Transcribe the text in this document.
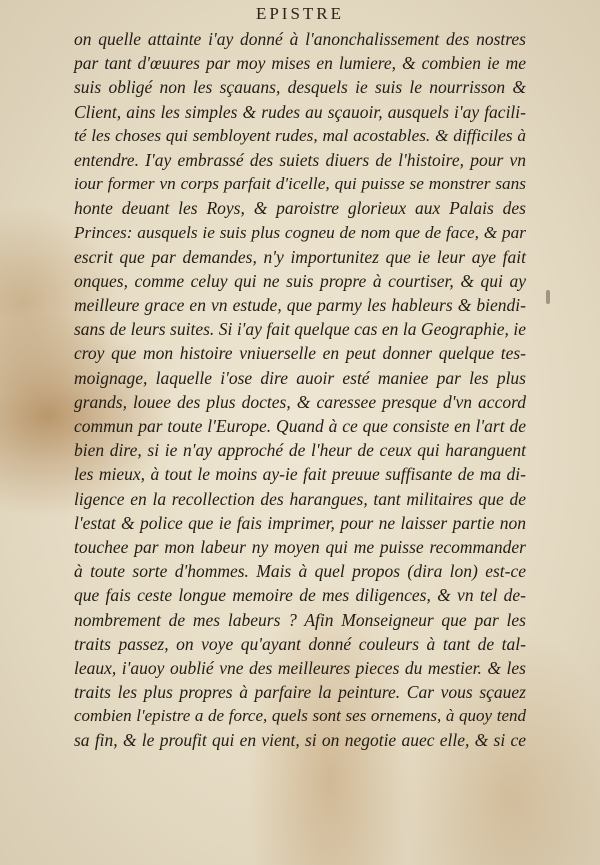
EPISTRE
on quelle attainte i'ay donné à l'anonchalissement des nostres
par tant d'œuures par moy mises en lumiere, & combien ie me
suis obligé non les sçauans, desquels ie suis le nourrisson &
Client, ains les simples & rudes au sçauoir, ausquels i'ay facili-
té les choses qui sembloyent rudes, mal acostables. & difficiles à
entendre. I'ay embrassé des suiets diuers de l'histoire, pour vn
iour former vn corps parfait d'icelle, qui puisse se monstrer sans
honte deuant les Roys, & paroistre glorieux aux Palais des
Princes: ausquels ie suis plus cogneu de nom que de face, & par
escrit que par demandes, n'y importunitez que ie leur aye fait
onques, comme celuy qui ne suis propre à courtiser, & qui ay
meilleure grace en vn estude, que parmy les hableurs & biendi-
sans de leurs suites. Si i'ay fait quelque cas en la Geographie, ie
croy que mon histoire vniuerselle en peut donner quelque tes-
moignage, laquelle i'ose dire auoir esté maniee par les plus
grands, louee des plus doctes, & caressee presque d'vn accord
commun par toute l'Europe. Quand à ce que consiste en l'art de
bien dire, si ie n'ay approché de l'heur de ceux qui haranguent
les mieux, à tout le moins ay-ie fait preuue suffisante de ma di-
ligence en la recollection des harangues, tant militaires que de
l'estat & police que ie fais imprimer, pour ne laisser partie non
touchee par mon labeur ny moyen qui me puisse recommander
à toute sorte d'hommes. Mais à quel propos (dira lon) est-ce
que fais ceste longue memoire de mes diligences, & vn tel de-
nombrement de mes labeurs ? Afin Monseigneur que par les
traits passez, on voye qu'ayant donné couleurs à tant de tal-
leaux, i'auoy oublié vne des meilleures pieces du mestier. & les
traits les plus propres à parfaire la peinture. Car vous sçauez
combien l'epistre a de force, quels sont ses ornemens, à quoy tend
sa fin, & le proufit qui en vient, si on negotie auec elle, & si ce
